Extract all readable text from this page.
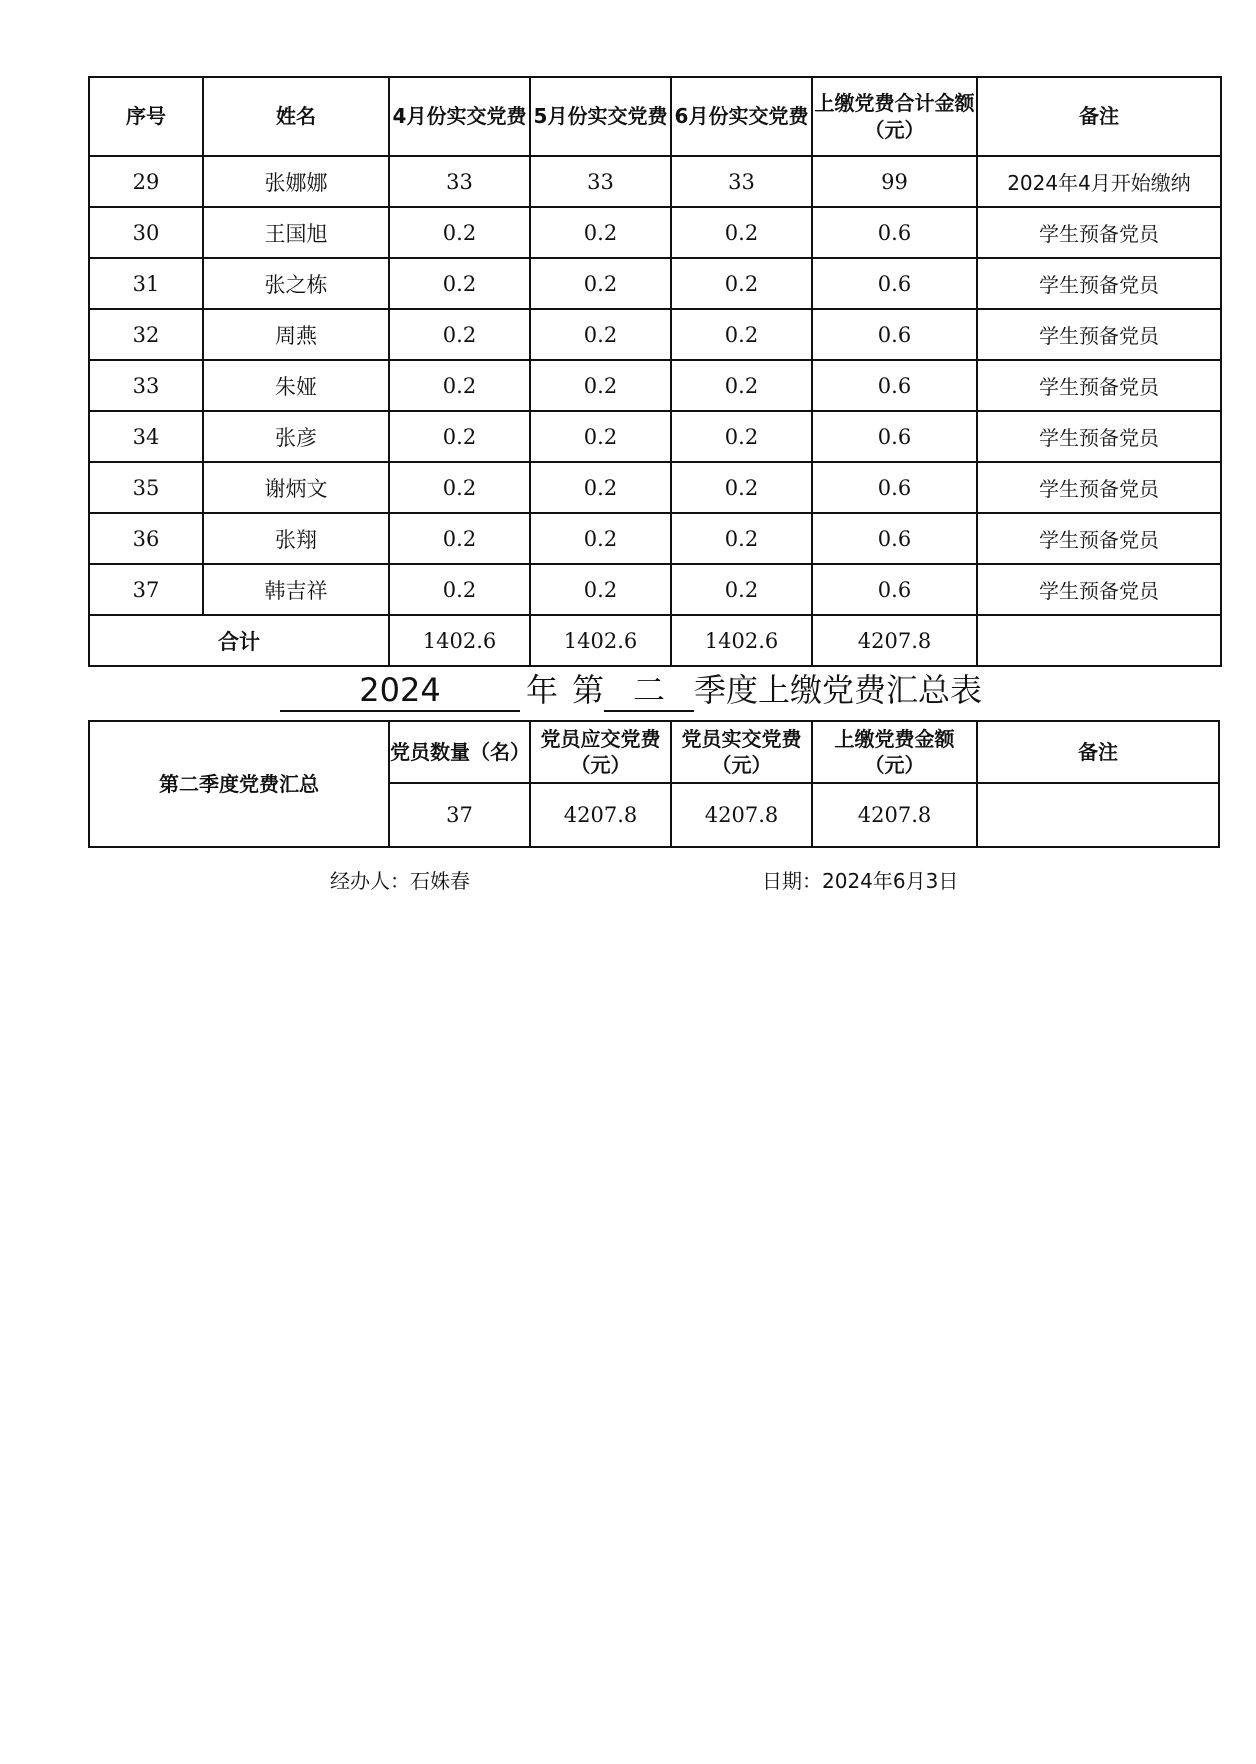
序号	姓名	4月份实交党费	5月份实交党费	6月份实交党费	上缴党费合计金额（元）	备注
29	张娜娜	33	33	33	99	2024年4月开始缴纳
30	王国旭	0.2	0.2	0.2	0.6	学生预备党员
31	张之栋	0.2	0.2	0.2	0.6	学生预备党员
32	周燕	0.2	0.2	0.2	0.6	学生预备党员
33	朱娅	0.2	0.2	0.2	0.6	学生预备党员
34	张彦	0.2	0.2	0.2	0.6	学生预备党员
35	谢炳文	0.2	0.2	0.2	0.6	学生预备党员
36	张翔	0.2	0.2	0.2	0.6	学生预备党员
37	韩吉祥	0.2	0.2	0.2	0.6	学生预备党员
合计		1402.6	1402.6	1402.6	4207.8	
2024	年 第 二 季度上缴党费汇总表
第二季度党费汇总	党员数量（名）	党员应交党费（元）	党员实交党费（元）	上缴党费金额（元）	备注
	37	4207.8	4207.8	4207.8	
经办人：石姝春	日期：2024年6月3日
